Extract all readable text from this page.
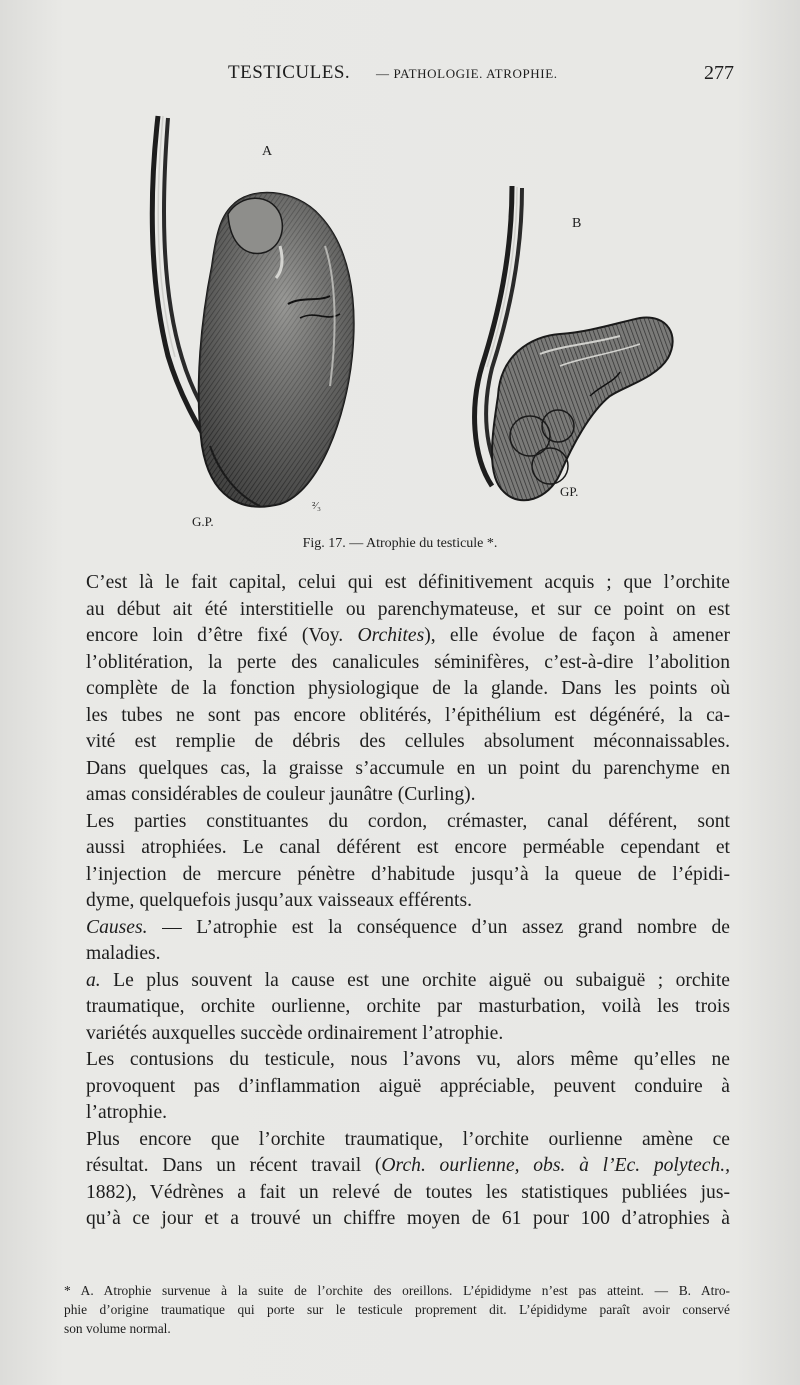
TESTICULES. — PATHOLOGIE. ATROPHIE.	277
A
B
G.P.
GP.
²⁄₃
Fig. 17. — Atrophie du testicule *.

C’est là le fait capital, celui qui est définitivement acquis ; que l’orchite
au début ait été interstitielle ou parenchymateuse, et sur ce point on est
encore loin d’être fixé (Voy. Orchites), elle évolue de façon à amener
l’oblitération, la perte des canalicules séminifères, c’est-à-dire l’abolition
complète de la fonction physiologique de la glande. Dans les points où
les tubes ne sont pas encore oblitérés, l’épithélium est dégénéré, la ca-
vité est remplie de débris des cellules absolument méconnaissables.
Dans quelques cas, la graisse s’accumule en un point du parenchyme en
amas considérables de couleur jaunâtre (Curling).

Les parties constituantes du cordon, crémaster, canal déférent, sont
aussi atrophiées. Le canal déférent est encore perméable cependant et
l’injection de mercure pénètre d’habitude jusqu’à la queue de l’épidi-
dyme, quelquefois jusqu’aux vaisseaux efférents.

Causes. — L’atrophie est la conséquence d’un assez grand nombre de
maladies.

a. Le plus souvent la cause est une orchite aiguë ou subaiguë ; orchite
traumatique, orchite ourlienne, orchite par masturbation, voilà les trois
variétés auxquelles succède ordinairement l’atrophie.

Les contusions du testicule, nous l’avons vu, alors même qu’elles ne
provoquent pas d’inflammation aiguë appréciable, peuvent conduire à
l’atrophie.

Plus encore que l’orchite traumatique, l’orchite ourlienne amène ce
résultat. Dans un récent travail (Orch. ourlienne, obs. à l’Ec. polytech.,
1882), Védrènes a fait un relevé de toutes les statistiques publiées jus-
qu’à ce jour et a trouvé un chiffre moyen de 61 pour 100 d’atrophies à

* A. Atrophie survenue à la suite de l’orchite des oreillons. L’épididyme n’est pas atteint. — B. Atro-
phie d’origine traumatique qui porte sur le testicule proprement dit. L’épididyme paraît avoir conservé
son volume normal.
